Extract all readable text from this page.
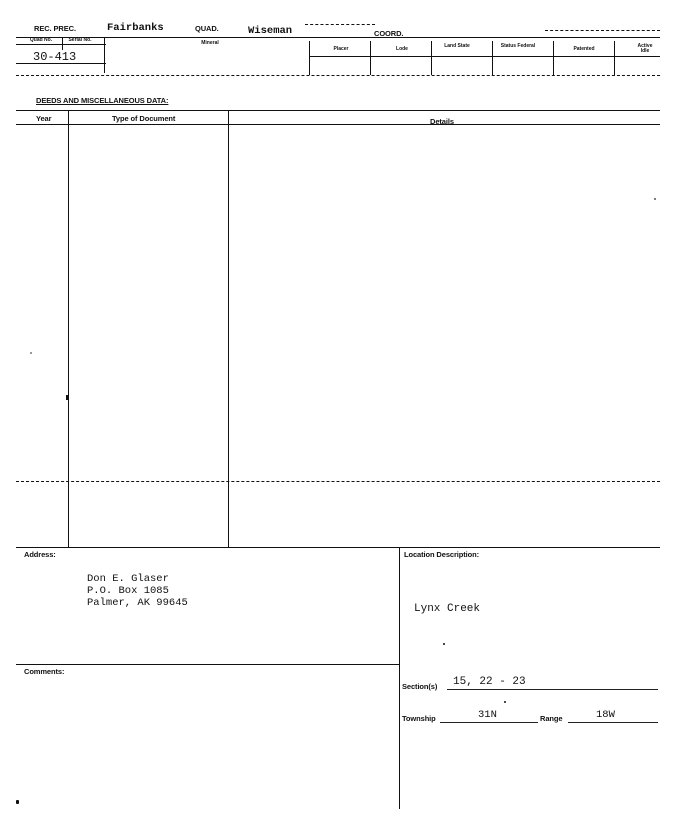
REC. PREC.	Fairbanks	QUAD.	Wiseman	COORD.
Quad No.	Serial No.	Mineral
Placer	Lode	Land State	Status Federal	Patented	Active Idle
30-413
DEEDS AND MISCELLANEOUS DATA:
Year	Type of Document	Details
Address:
Don E. Glaser
P.O. Box 1085
Palmer, AK 99645
Comments:
Location Description:
Lynx Creek
Section(s) 15, 22 - 23
Township	31N	Range	18W
